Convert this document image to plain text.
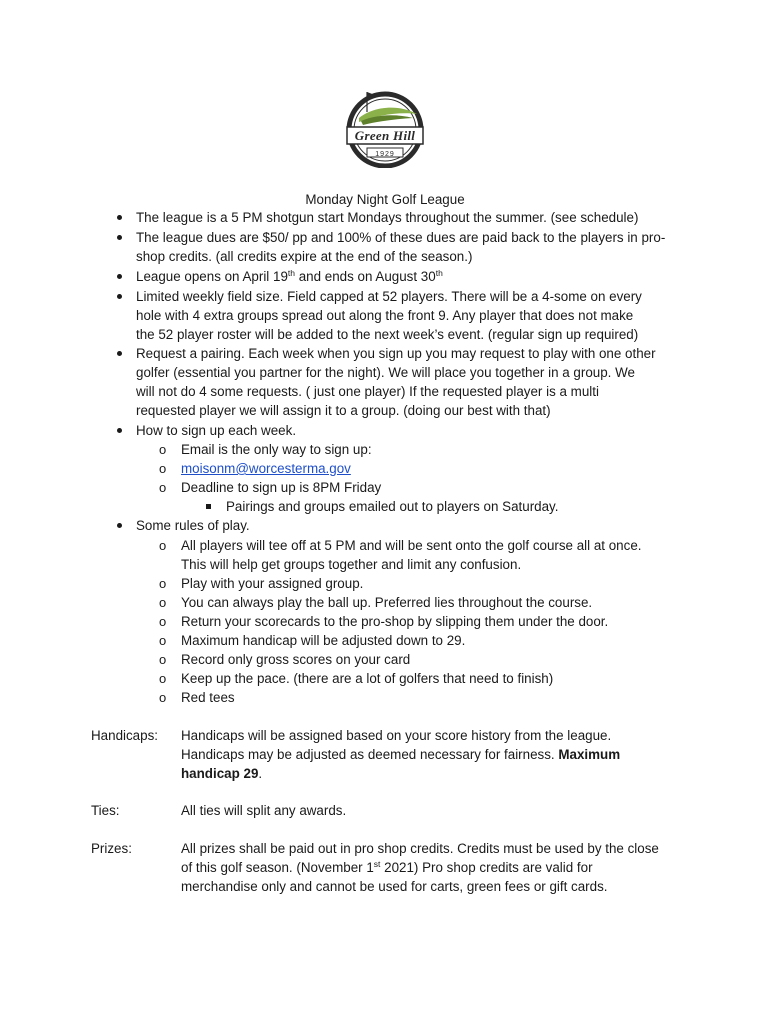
Green Hill
1929
Monday Night Golf League
The league is a 5 PM shotgun start Mondays throughout the summer. (see schedule)
The league dues are $50/ pp and 100% of these dues are paid back to the players in pro-
shop credits. (all credits expire at the end of the season.)
League opens on April 19th and ends on August 30th
Limited weekly field size. Field capped at 52 players. There will be a 4-some on every
hole with 4 extra groups spread out along the front 9. Any player that does not make
the 52 player roster will be added to the next week’s event. (regular sign up required)
Request a pairing. Each week when you sign up you may request to play with one other
golfer (essential you partner for the night). We will place you together in a group. We
will not do 4 some requests. ( just one player) If the requested player is a multi
requested player we will assign it to a group. (doing our best with that)
How to sign up each week.
o Email is the only way to sign up:
o moisonm@worcesterma.gov
o Deadline to sign up is 8PM Friday
Pairings and groups emailed out to players on Saturday.
Some rules of play.
o All players will tee off at 5 PM and will be sent onto the golf course all at once.
This will help get groups together and limit any confusion.
o Play with your assigned group.
o You can always play the ball up. Preferred lies throughout the course.
o Return your scorecards to the pro-shop by slipping them under the door.
o Maximum handicap will be adjusted down to 29.
o Record only gross scores on your card
o Keep up the pace. (there are a lot of golfers that need to finish)
o Red tees
Handicaps: Handicaps will be assigned based on your score history from the league.
Handicaps may be adjusted as deemed necessary for fairness. Maximum
handicap 29.
Ties:	All ties will split any awards.
Prizes:	All prizes shall be paid out in pro shop credits. Credits must be used by the close
of this golf season. (November 1st 2021) Pro shop credits are valid for
merchandise only and cannot be used for carts, green fees or gift cards.
